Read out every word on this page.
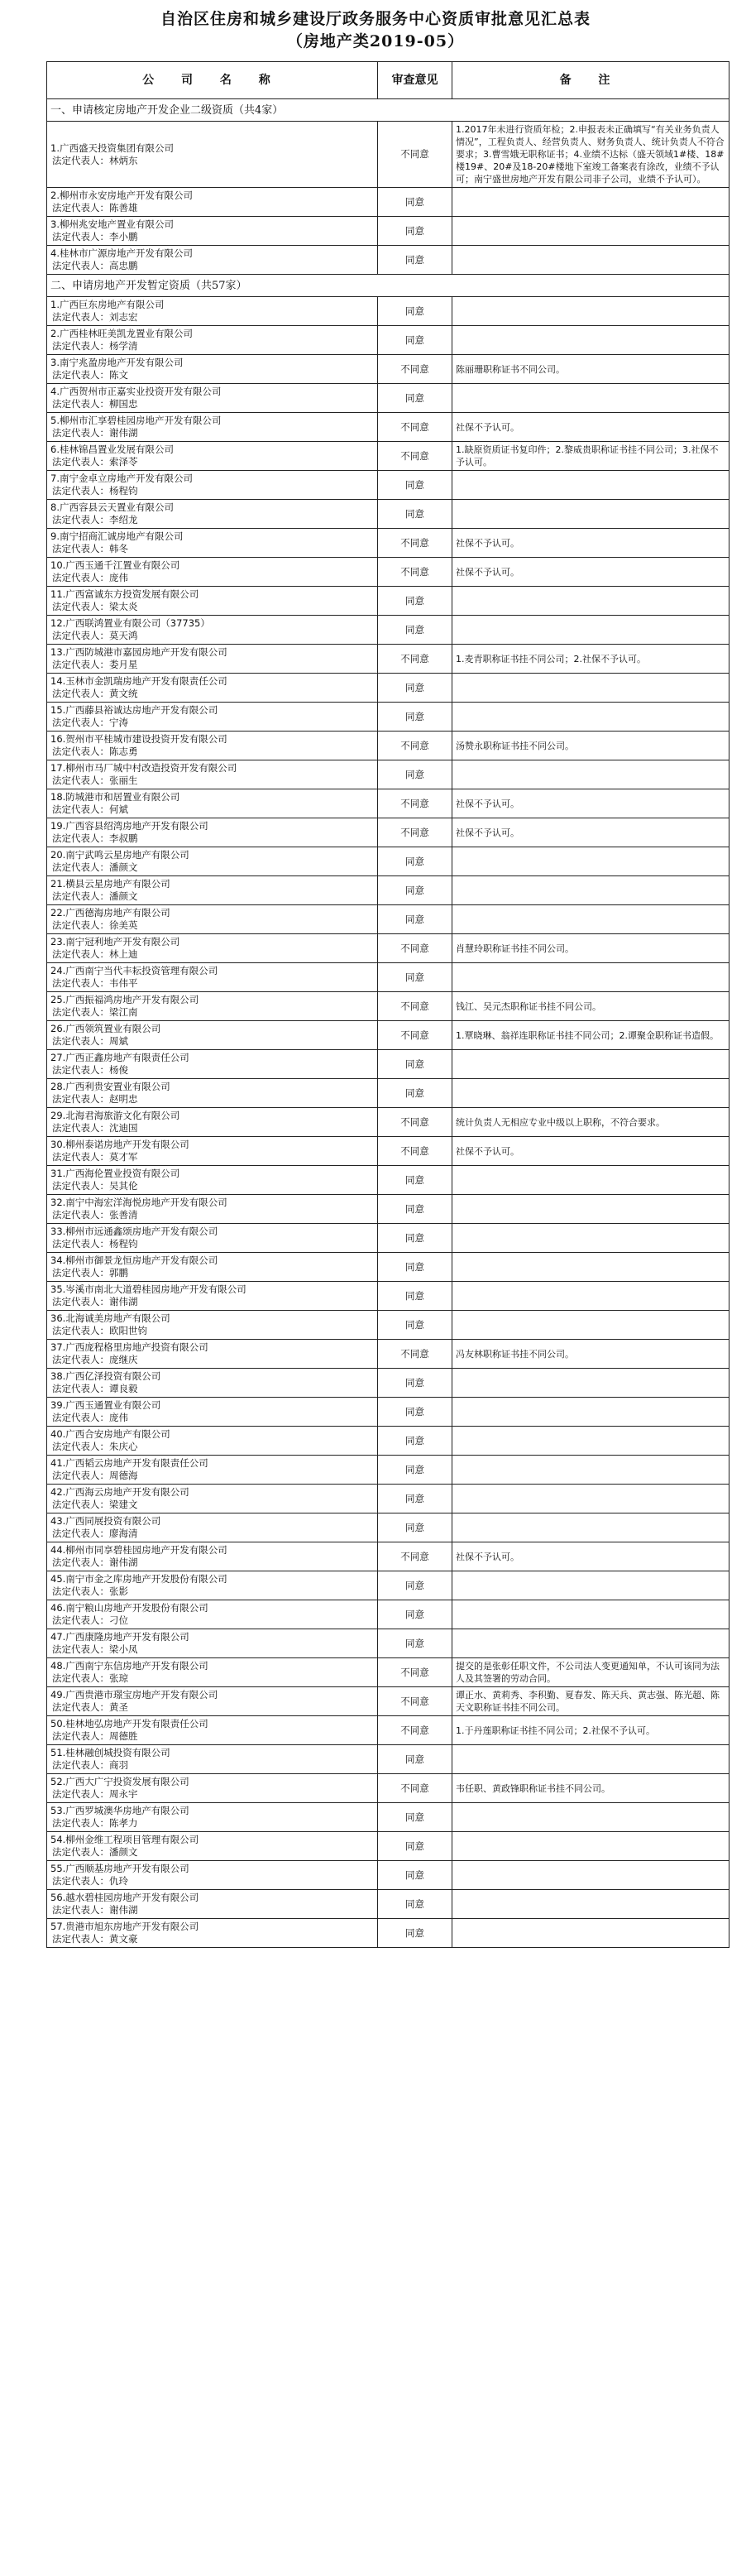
自治区住房和城乡建设厅政务服务中心资质审批意见汇总表
（房地产类2019-05）
公 司 名 称	审查意见	备 注
一、申请核定房地产开发企业二级资质（共4家）		

1.广西盛天投资集团有限公司
法定代表人：林炳东	不同意	1.2017年未进行资质年检；2.申报表未正确填写“有关业务负责人情况”，工程负责人、经营负责人、财务负责人、统计负责人不符合要求；3.曹雪娥无职称证书；4.业绩不达标（盛天领域1#楼、18#楼19#、20#及18-20#楼地下室竣工备案表有涂改，业绩不予认可；南宁盛世房地产开发有限公司非子公司，业绩不予认可）。

2.柳州市永安房地产开发有限公司
法定代表人：陈善雄	同意	

3.柳州兆安地产置业有限公司
法定代表人：李小鹏	同意	

4.桂林市广源房地产开发有限公司
法定代表人：高忠鹏	同意	
二、申请房地产开发暂定资质（共57家）		

1.广西巨东房地产有限公司
法定代表人：刘志宏	同意	

2.广西桂林旺美凯龙置业有限公司
法定代表人：杨学清	同意	

3.南宁兆盈房地产开发有限公司
法定代表人：陈文	不同意	陈丽珊职称证书不同公司。

4.广西贺州市正嘉实业投资开发有限公司
法定代表人：柳国忠	同意	

5.柳州市汇享碧桂园房地产开发有限公司
法定代表人：谢伟湖	不同意	社保不予认可。

6.桂林锦昌置业发展有限公司
法定代表人：索泽苓	不同意	1.缺原资质证书复印件；2.黎威贵职称证书挂不同公司；3.社保不予认可。

7.南宁金卓立房地产开发有限公司
法定代表人：杨程钧	同意	

8.广西容县云天置业有限公司
法定代表人：李绍龙	同意	

9.南宁招商汇诚房地产有限公司
法定代表人：韩冬	不同意	社保不予认可。

10.广西玉通千江置业有限公司
法定代表人：庞伟	不同意	社保不予认可。

11.广西富诚东方投资发展有限公司
法定代表人：梁太炎	同意	

12.广西联鸿置业有限公司（37735）
法定代表人：莫天鸿	同意	

13.广西防城港市嘉园房地产开发有限公司
法定代表人：娄月星	不同意	1.麦青职称证书挂不同公司；2.社保不予认可。

14.玉林市金凯瑞房地产开发有限责任公司
法定代表人：黄文统	同意	

15.广西藤县裕诚达房地产开发有限公司
法定代表人：宁涛	同意	

16.贺州市平桂城市建设投资开发有限公司
法定代表人：陈志勇	不同意	汤赞永职称证书挂不同公司。

17.柳州市马厂城中村改造投资开发有限公司
法定代表人：张丽生	同意	

18.防城港市和居置业有限公司
法定代表人：何斌	不同意	社保不予认可。

19.广西容县绍湾房地产开发有限公司
法定代表人：李叔鹏	不同意	社保不予认可。

20.南宁武鸣云星房地产有限公司
法定代表人：潘颜文	同意	

21.横县云星房地产有限公司
法定代表人：潘颜文	同意	

22.广西德海房地产有限公司
法定代表人：徐美英	同意	

23.南宁冠利地产开发有限公司
法定代表人：林上迪	不同意	肖慧玲职称证书挂不同公司。

24.广西南宁当代丰耘投资管理有限公司
法定代表人：韦伟平	同意	

25.广西振福鸿房地产开发有限公司
法定代表人：梁江南	不同意	钱江、吴元杰职称证书挂不同公司。

26.广西领筑置业有限公司
法定代表人：周斌	不同意	1.覃晓琳、翁祥连职称证书挂不同公司；2.谭聚金职称证书造假。

27.广西正鑫房地产有限责任公司
法定代表人：杨俊	同意	

28.广西利贵安置业有限公司
法定代表人：赵明忠	同意	

29.北海君海旅游文化有限公司
法定代表人：沈迪国	不同意	统计负责人无相应专业中级以上职称，不符合要求。

30.柳州泰诺房地产开发有限公司
法定代表人：莫才军	不同意	社保不予认可。

31.广西海伦置业投资有限公司
法定代表人：吴其伦	同意	

32.南宁中海宏洋海悦房地产开发有限公司
法定代表人：张善清	同意	

33.柳州市远通鑫颂房地产开发有限公司
法定代表人：杨程钧	同意	

34.柳州市御景龙恒房地产开发有限公司
法定代表人：郭鹏	同意	

35.岑溪市南北大道碧桂园房地产开发有限公司
法定代表人：谢伟湖	同意	

36.北海诚美房地产有限公司
法定代表人：欧阳世钧	同意	

37.广西庞程格里房地产投资有限公司
法定代表人：庞继庆	不同意	冯友林职称证书挂不同公司。

38.广西亿泽投资有限公司
法定代表人：谭良毅	同意	

39.广西玉通置业有限公司
法定代表人：庞伟	同意	

40.广西合安房地产有限公司
法定代表人：朱庆心	同意	

41.广西韬云房地产开发有限责任公司
法定代表人：周德海	同意	

42.广西海云房地产开发有限公司
法定代表人：梁建文	同意	

43.广西同展投资有限公司
法定代表人：廖海清	同意	

44.柳州市同享碧桂园房地产开发有限公司
法定代表人：谢伟湖	不同意	社保不予认可。

45.南宁市金之库房地产开发股份有限公司
法定代表人：张影	同意	

46.南宁粮山房地产开发股份有限公司
法定代表人：刁位	同意	

47.广西康隆房地产开发有限公司
法定代表人：梁小凤	同意	

48.广西南宁东信房地产开发有限公司
法定代表人：张琼	不同意	提交的是张彰任职文件，不公司法人变更通知单，不认可该同为法人及其签署的劳动合同。

49.广西贵港市璟宝房地产开发有限公司
法定代表人：黄圣	不同意	谭正水、黄莉秀、李积勤、夏春发、陈天兵、黄志强、陈光超、陈天文职称证书挂不同公司。

50.桂林地弘房地产开发有限责任公司
法定代表人：周德胜	不同意	1.于丹莲职称证书挂不同公司；2.社保不予认可。

51.桂林融创城投资有限公司
法定代表人：商羽	同意	

52.广西大广宁投资发展有限公司
法定代表人：周永宇	不同意	韦任职、黄政锋职称证书挂不同公司。

53.广西罗城澳华房地产有限公司
法定代表人：陈孝力	同意	

54.柳州金维工程项目管理有限公司
法定代表人：潘颜文	同意	

55.广西顺基房地产开发有限公司
法定代表人：仇玲	同意	

56.越水碧桂园房地产开发有限公司
法定代表人：谢伟湖	同意	

57.贵港市旭东房地产开发有限公司
法定代表人：黄文豪	同意	
